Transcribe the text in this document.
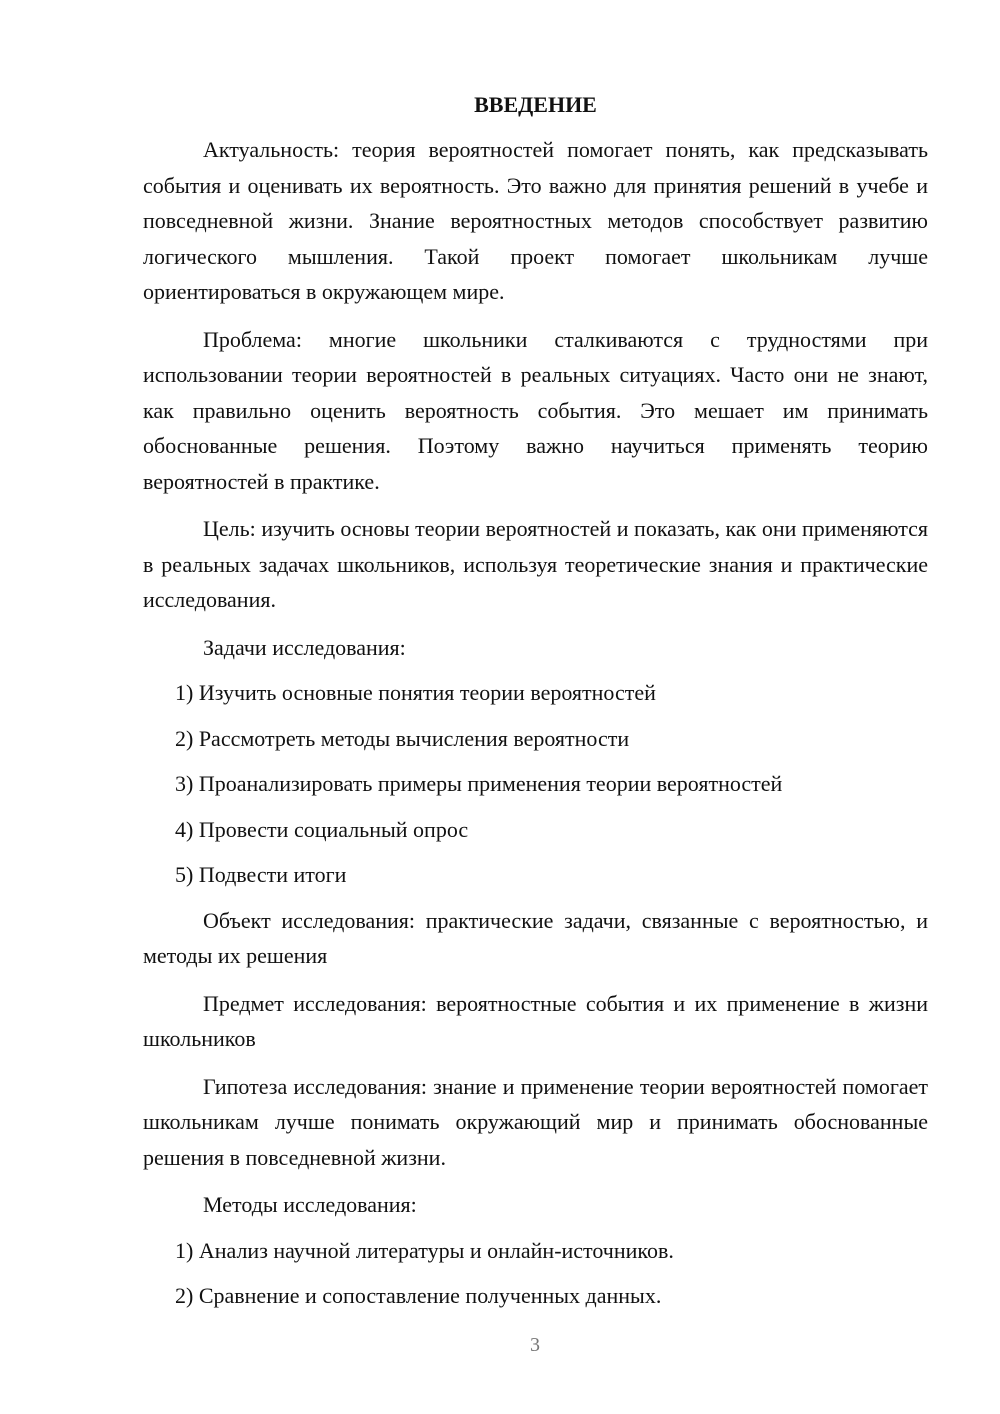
ВВЕДЕНИЕ
Актуальность: теория вероятностей помогает понять, как предсказывать события и оценивать их вероятность. Это важно для принятия решений в учебе и повседневной жизни. Знание вероятностных методов способствует развитию логического мышления. Такой проект помогает школьникам лучше ориентироваться в окружающем мире.
Проблема: многие школьники сталкиваются с трудностями при использовании теории вероятностей в реальных ситуациях. Часто они не знают, как правильно оценить вероятность события. Это мешает им принимать обоснованные решения. Поэтому важно научиться применять теорию вероятностей в практике.
Цель: изучить основы теории вероятностей и показать, как они применяются в реальных задачах школьников, используя теоретические знания и практические исследования.
Задачи исследования:
1) Изучить основные понятия теории вероятностей
2) Рассмотреть методы вычисления вероятности
3) Проанализировать примеры применения теории вероятностей
4) Провести социальный опрос
5) Подвести итоги
Объект исследования: практические задачи, связанные с вероятностью, и методы их решения
Предмет исследования: вероятностные события и их применение в жизни школьников
Гипотеза исследования: знание и применение теории вероятностей помогает школьникам лучше понимать окружающий мир и принимать обоснованные решения в повседневной жизни.
Методы исследования:
1) Анализ научной литературы и онлайн-источников.
2) Сравнение и сопоставление полученных данных.
3
